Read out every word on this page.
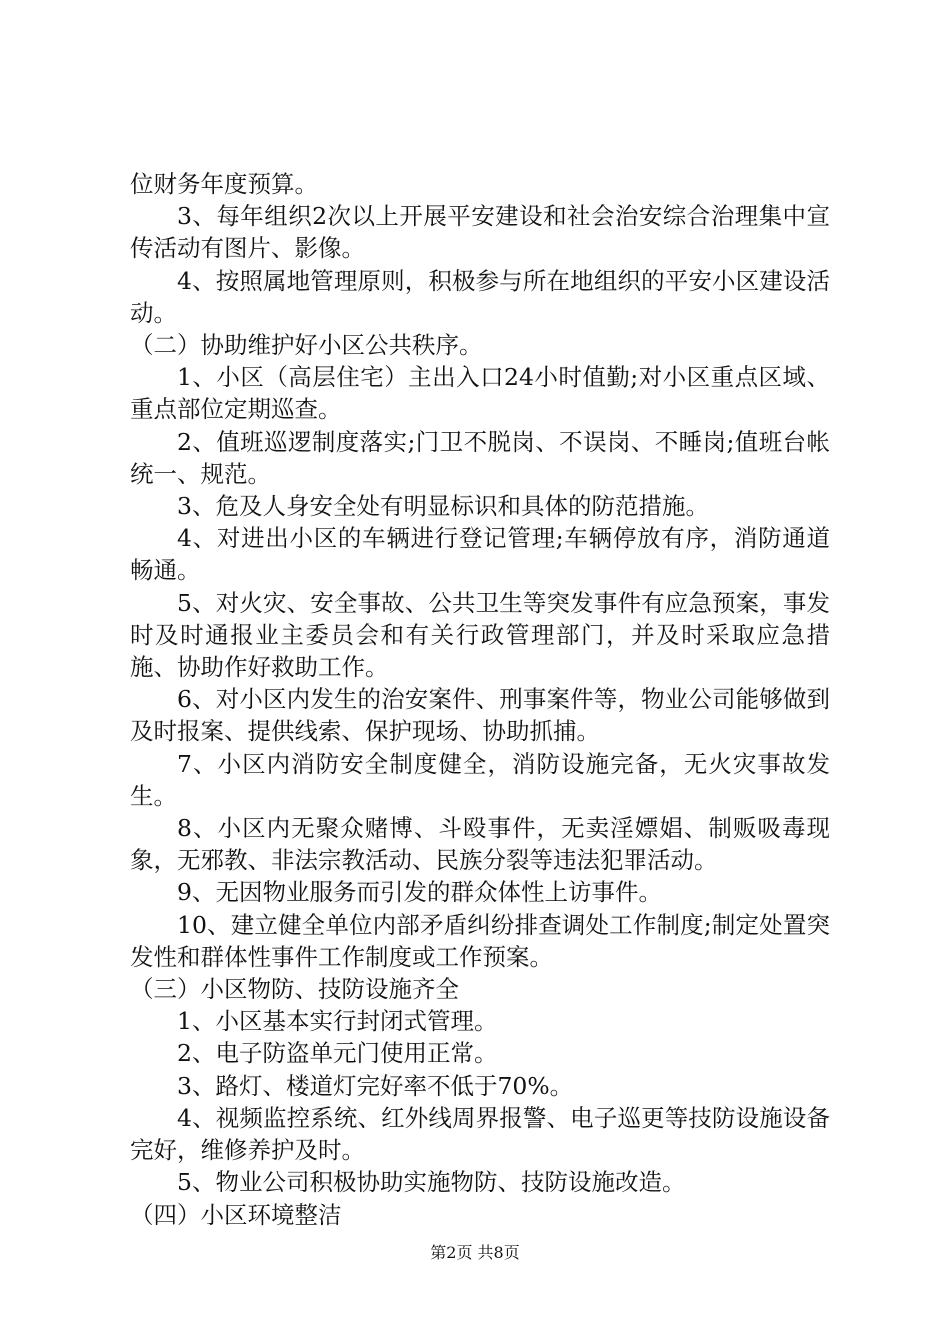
位财务年度预算。

3、每年组织2次以上开展平安建设和社会治安综合治理集中宣传活动有图片、影像。

4、按照属地管理原则，积极参与所在地组织的平安小区建设活动。

（二）协助维护好小区公共秩序。

1、小区（高层住宅）主出入口24小时值勤;对小区重点区域、重点部位定期巡查。

2、值班巡逻制度落实;门卫不脱岗、不误岗、不睡岗;值班台帐统一、规范。

3、危及人身安全处有明显标识和具体的防范措施。

4、对进出小区的车辆进行登记管理;车辆停放有序，消防通道畅通。

5、对火灾、安全事故、公共卫生等突发事件有应急预案，事发时及时通报业主委员会和有关行政管理部门，并及时采取应急措施、协助作好救助工作。

6、对小区内发生的治安案件、刑事案件等，物业公司能够做到及时报案、提供线索、保护现场、协助抓捕。

7、小区内消防安全制度健全，消防设施完备，无火灾事故发生。

8、小区内无聚众赌博、斗殴事件，无卖淫嫖娼、制贩吸毒现象，无邪教、非法宗教活动、民族分裂等违法犯罪活动。

9、无因物业服务而引发的群众体性上访事件。

10、建立健全单位内部矛盾纠纷排查调处工作制度;制定处置突发性和群体性事件工作制度或工作预案。

（三）小区物防、技防设施齐全

1、小区基本实行封闭式管理。

2、电子防盗单元门使用正常。

3、路灯、楼道灯完好率不低于70%。

4、视频监控系统、红外线周界报警、电子巡更等技防设施设备完好，维修养护及时。

5、物业公司积极协助实施物防、技防设施改造。

（四）小区环境整洁

第2页 共8页
